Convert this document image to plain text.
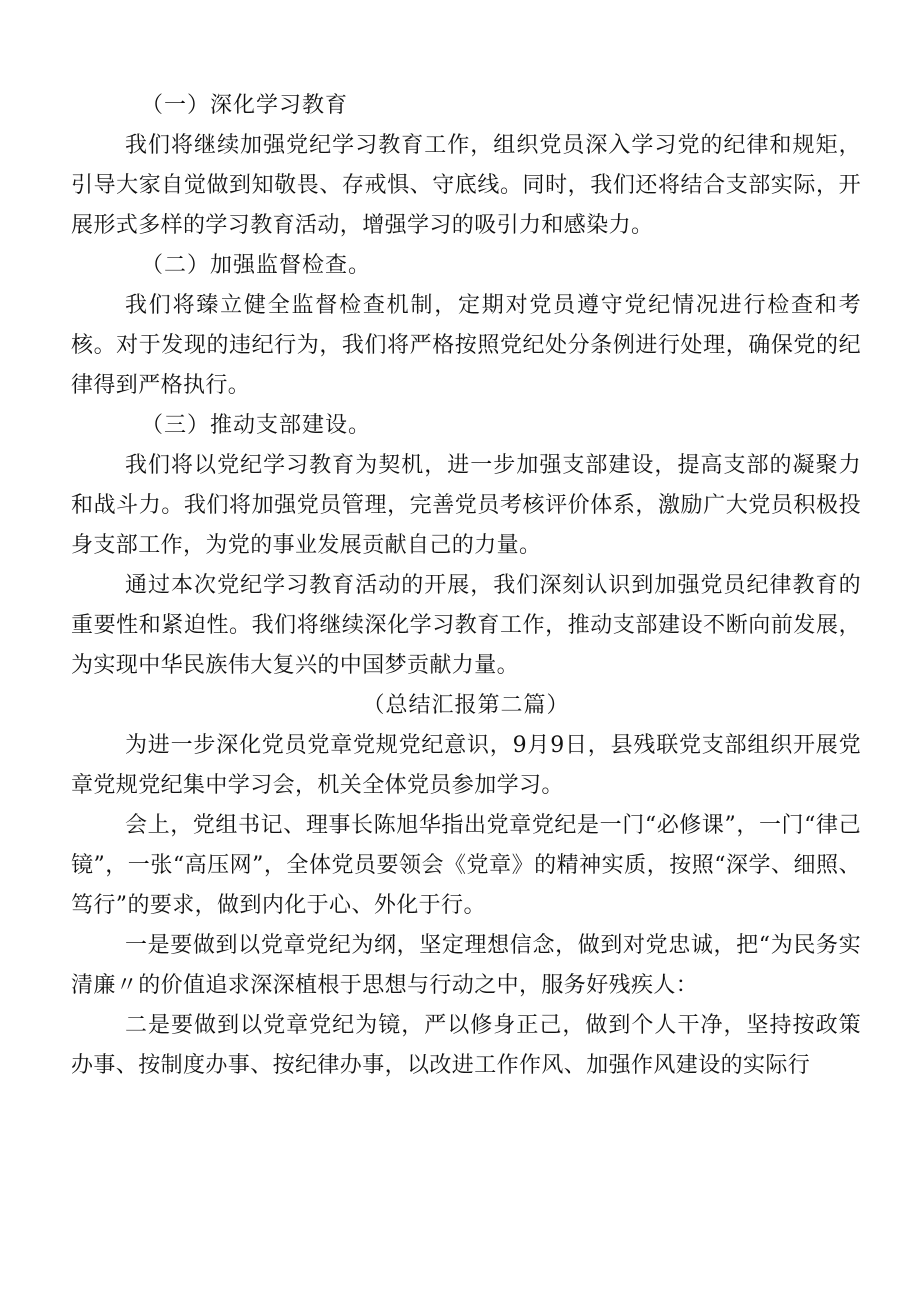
（一）深化学习教育

我们将继续加强党纪学习教育工作，组织党员深入学习党的纪律和规矩，引导大家自觉做到知敬畏、存戒惧、守底线。同时，我们还将结合支部实际，开展形式多样的学习教育活动，增强学习的吸引力和感染力。

（二）加强监督检查。

我们将臻立健全监督检查机制，定期对党员遵守党纪情况进行检查和考核。对于发现的违纪行为，我们将严格按照党纪处分条例进行处理，确保党的纪律得到严格执行。

（三）推动支部建设。

我们将以党纪学习教育为契机，进一步加强支部建设，提高支部的凝聚力和战斗力。我们将加强党员管理，完善党员考核评价体系，激励广大党员积极投身支部工作，为党的事业发展贡献自己的力量。

通过本次党纪学习教育活动的开展，我们深刻认识到加强党员纪律教育的重要性和紧迫性。我们将继续深化学习教育工作，推动支部建设不断向前发展，为实现中华民族伟大复兴的中国梦贡献力量。

（总结汇报第二篇）

为进一步深化党员党章党规党纪意识，9月9日，县残联党支部组织开展党章党规党纪集中学习会，机关全体党员参加学习。

会上，党组书记、理事长陈旭华指出党章党纪是一门“必修课”，一门“律己镜”，一张“高压网”，全体党员要领会《党章》的精神实质，按照“深学、细照、笃行”的要求，做到内化于心、外化于行。

一是要做到以党章党纪为纲，坚定理想信念，做到对党忠诚，把“为民务实清廉〃的价值追求深深植根于思想与行动之中，服务好残疾人：

二是要做到以党章党纪为镜，严以修身正己，做到个人干净，坚持按政策办事、按制度办事、按纪律办事，以改进工作作风、加强作风建设的实际行
